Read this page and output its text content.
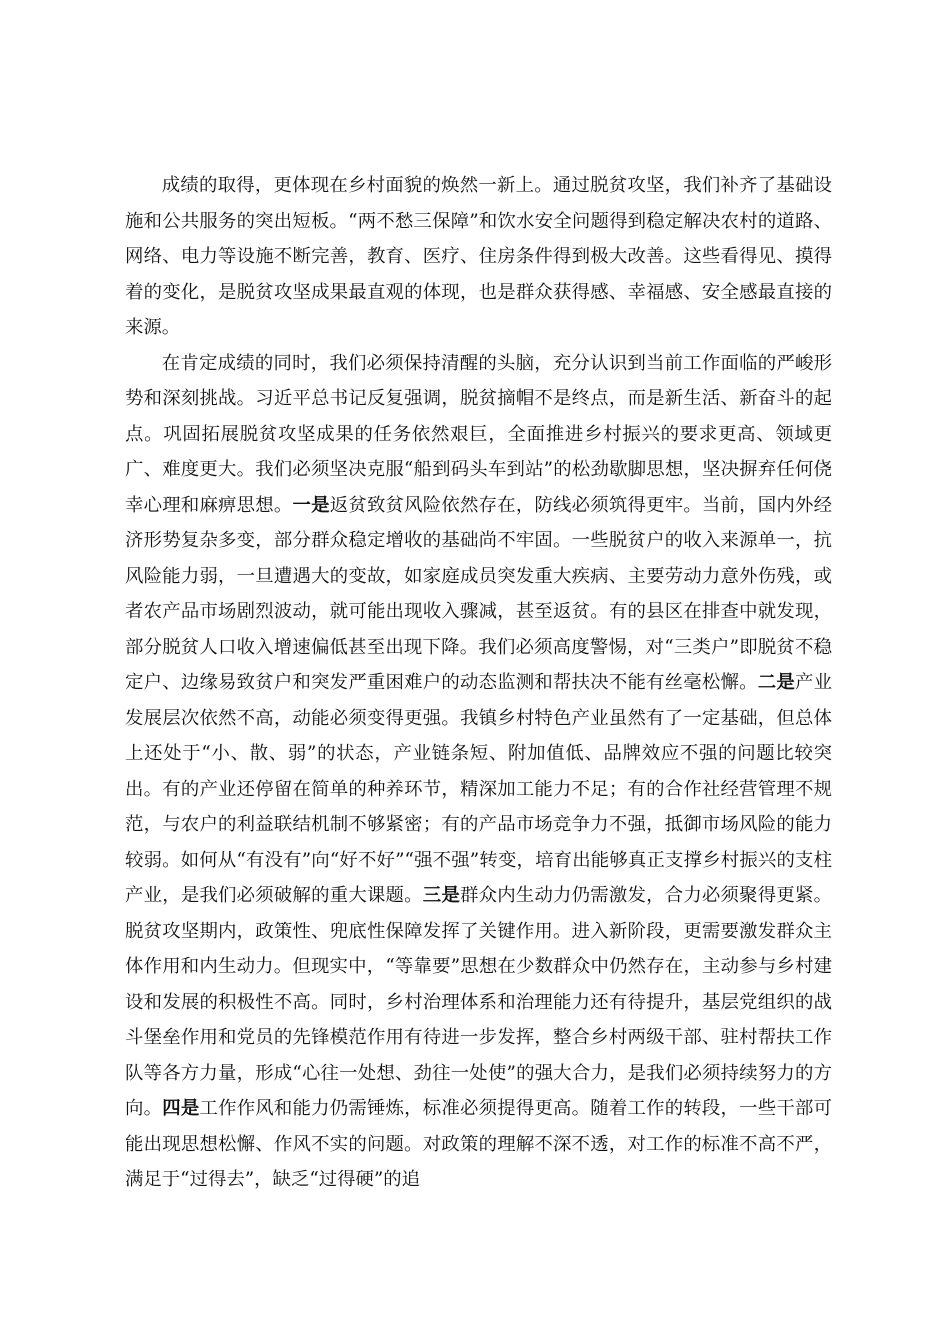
成绩的取得，更体现在乡村面貌的焕然一新上。通过脱贫攻坚，我们补齐了基础设施和公共服务的突出短板。“两不愁三保障”和饮水安全问题得到稳定解决农村的道路、网络、电力等设施不断完善，教育、医疗、住房条件得到极大改善。这些看得见、摸得着的变化，是脱贫攻坚成果最直观的体现，也是群众获得感、幸福感、安全感最直接的来源。

在肯定成绩的同时，我们必须保持清醒的头脑，充分认识到当前工作面临的严峻形势和深刻挑战。习近平总书记反复强调，脱贫摘帽不是终点，而是新生活、新奋斗的起点。巩固拓展脱贫攻坚成果的任务依然艰巨，全面推进乡村振兴的要求更高、领域更广、难度更大。我们必须坚决克服“船到码头车到站”的松劲歇脚思想，坚决摒弃任何侥幸心理和麻痹思想。一是返贫致贫风险依然存在，防线必须筑得更牢。当前，国内外经济形势复杂多变，部分群众稳定增收的基础尚不牢固。一些脱贫户的收入来源单一，抗风险能力弱，一旦遭遇大的变故，如家庭成员突发重大疾病、主要劳动力意外伤残，或者农产品市场剧烈波动，就可能出现收入骤减，甚至返贫。有的县区在排查中就发现，部分脱贫人口收入增速偏低甚至出现下降。我们必须高度警惕，对“三类户”即脱贫不稳定户、边缘易致贫户和突发严重困难户的动态监测和帮扶决不能有丝毫松懈。二是产业发展层次依然不高，动能必须变得更强。我镇乡村特色产业虽然有了一定基础，但总体上还处于“小、散、弱”的状态，产业链条短、附加值低、品牌效应不强的问题比较突出。有的产业还停留在简单的种养环节，精深加工能力不足；有的合作社经营管理不规范，与农户的利益联结机制不够紧密；有的产品市场竞争力不强，抵御市场风险的能力较弱。如何从“有没有”向“好不好”“强不强”转变，培育出能够真正支撑乡村振兴的支柱产业，是我们必须破解的重大课题。三是群众内生动力仍需激发，合力必须聚得更紧。脱贫攻坚期内，政策性、兜底性保障发挥了关键作用。进入新阶段，更需要激发群众主体作用和内生动力。但现实中，“等靠要”思想在少数群众中仍然存在，主动参与乡村建设和发展的积极性不高。同时，乡村治理体系和治理能力还有待提升，基层党组织的战斗堡垒作用和党员的先锋模范作用有待进一步发挥，整合乡村两级干部、驻村帮扶工作队等各方力量，形成“心往一处想、劲往一处使”的强大合力，是我们必须持续努力的方向。四是工作作风和能力仍需锤炼，标准必须提得更高。随着工作的转段，一些干部可能出现思想松懈、作风不实的问题。对政策的理解不深不透，对工作的标准不高不严，满足于“过得去”，缺乏“过得硬”的追
